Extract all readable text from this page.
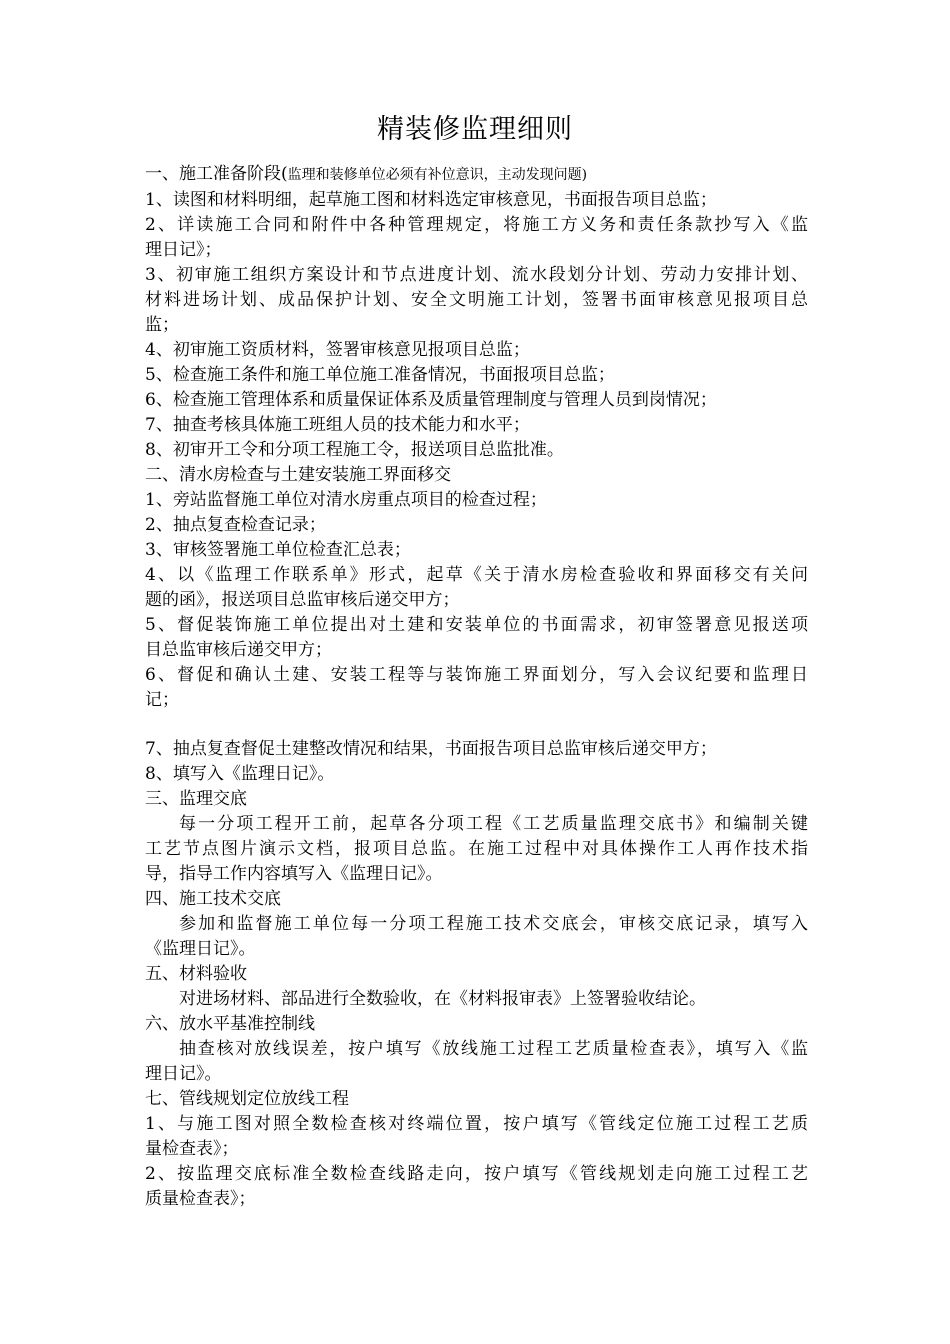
精装修监理细则
一、施工准备阶段(监理和装修单位必须有补位意识，主动发现问题)
1、读图和材料明细，起草施工图和材料选定审核意见，书面报告项目总监；
2、详读施工合同和附件中各种管理规定，将施工方义务和责任条款抄写入《监
理日记》；
3、初审施工组织方案设计和节点进度计划、流水段划分计划、劳动力安排计划、
材料进场计划、成品保护计划、安全文明施工计划，签署书面审核意见报项目总
监；
4、初审施工资质材料，签署审核意见报项目总监；
5、检查施工条件和施工单位施工准备情况，书面报项目总监；
6、检查施工管理体系和质量保证体系及质量管理制度与管理人员到岗情况；
7、抽查考核具体施工班组人员的技术能力和水平；
8、初审开工令和分项工程施工令，报送项目总监批准。
二、清水房检查与土建安装施工界面移交
1、旁站监督施工单位对清水房重点项目的检查过程；
2、抽点复查检查记录；
3、审核签署施工单位检查汇总表；
4、以《监理工作联系单》形式，起草《关于清水房检查验收和界面移交有关问
题的函》，报送项目总监审核后递交甲方；
5、督促装饰施工单位提出对土建和安装单位的书面需求，初审签署意见报送项
目总监审核后递交甲方；
6、督促和确认土建、安装工程等与装饰施工界面划分，写入会议纪要和监理日
记；
7、抽点复查督促土建整改情况和结果，书面报告项目总监审核后递交甲方；
8、填写入《监理日记》。
三、监理交底
每一分项工程开工前，起草各分项工程《工艺质量监理交底书》和编制关键
工艺节点图片演示文档，报项目总监。在施工过程中对具体操作工人再作技术指
导，指导工作内容填写入《监理日记》。
四、施工技术交底
参加和监督施工单位每一分项工程施工技术交底会，审核交底记录，填写入
《监理日记》。
五、材料验收
对进场材料、部品进行全数验收，在《材料报审表》上签署验收结论。
六、放水平基准控制线
抽查核对放线误差，按户填写《放线施工过程工艺质量检查表》，填写入《监
理日记》。
七、管线规划定位放线工程
1、与施工图对照全数检查核对终端位置，按户填写《管线定位施工过程工艺质
量检查表》；
2、按监理交底标准全数检查线路走向，按户填写《管线规划走向施工过程工艺
质量检查表》；
